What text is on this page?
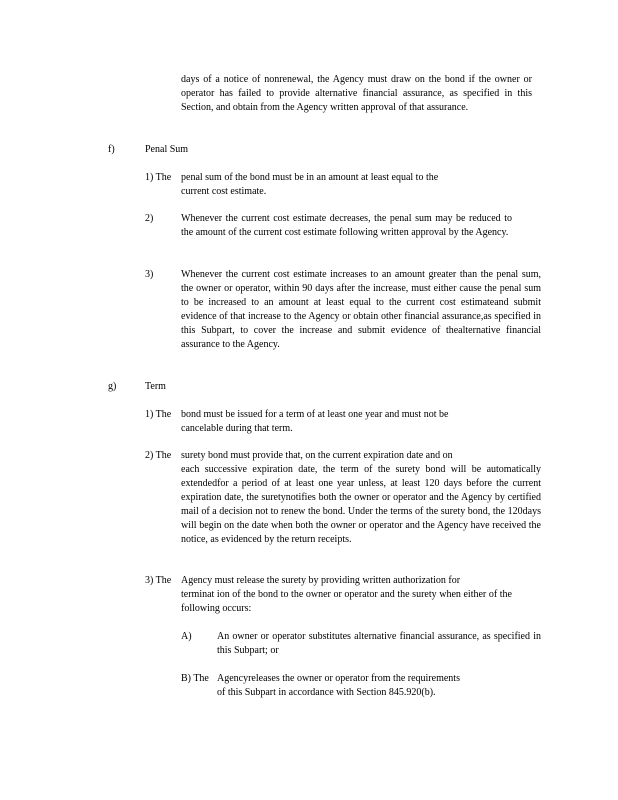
days of a notice of nonrenewal, the Agency must draw on the bond if the owner or operator has failed to provide alternative financial assurance, as specified in this Section, and obtain from the Agency written approval of that assurance.
f)	Penal Sum
1) The penal sum of the bond must be in an amount at least equal to the
current cost estimate.
2)	Whenever the current cost estimate decreases, the penal sum may be reduced to the amount of the current cost estimate following written approval by the Agency.
3)	Whenever the current cost estimate increases to an amount greater than the penal sum, the owner or operator, within 90 days after the increase, must either cause the penal sum to be increased to an amount at least equal to the current cost estimateand submit evidence of that increase to the Agency or obtain other financial assurance,as specified in this Subpart, to cover the increase and submit evidence of thealternative financial assurance to the Agency.
g)	Term
1) The bond must be issued for a term of at least one year and must not be
cancelable during that term.
2) The surety bond must provide that, on the current expiration date and on
each successive expiration date, the term of the surety bond will be automatically extendedfor a period of at least one year unless, at least 120 days before the current expiration date, the suretynotifies both the owner or operator and the Agency by certified mail of a decision not to renew the bond. Under the terms of the surety bond, the 120days will begin on the date when both the owner or operator and the Agency have received the notice, as evidenced by the return receipts.
3) The Agency must release the surety by providing written authorization for
terminat ion of the bond to the owner or operator and the surety when either of the following occurs:
A)	An owner or operator substitutes alternative financial assurance, as specified in this Subpart; or
B) The Agencyreleases the owner or operator from the requirements
of this Subpart in accordance with Section 845.920(b).
